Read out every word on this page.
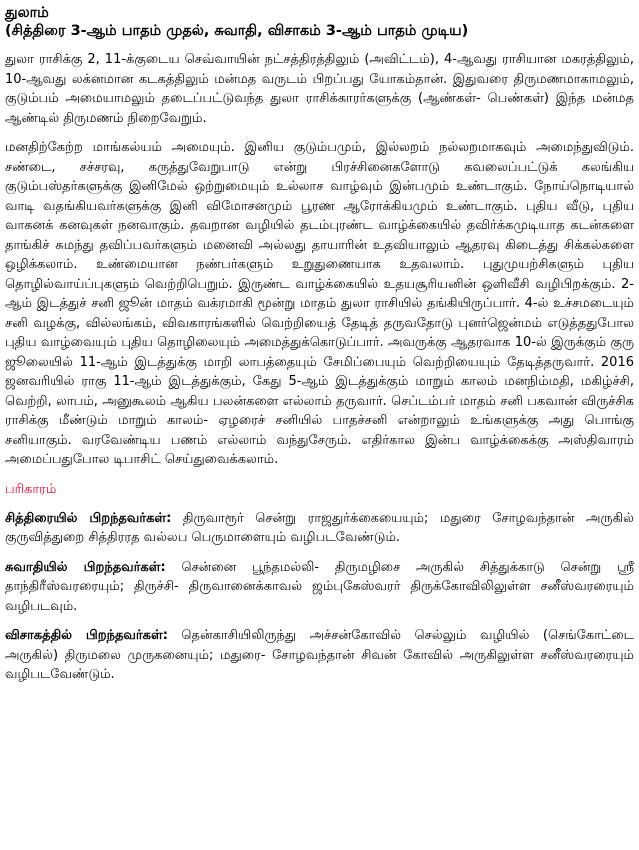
துலாம்
(சித்திரை 3-ஆம் பாதம் முதல், சுவாதி, விசாகம் 3-ஆம் பாதம் முடிய)

துலா ராசிக்கு 2, 11-க்குடைய செவ்வாயின் நட்சத்திரத்திலும் (அவிட்டம்), 4-ஆவது ராசியான மகரத்திலும், 10-ஆவது லக்னமான கடகத்திலும் மன்மத வருடம் பிறப்பது யோகம்தான். இதுவரை திருமணமாகாமலும், குடும்பம் அமையாமலும் தடைப்பட்டுவந்த துலா ராசிக்காரர்களுக்கு (ஆண்கள்- பெண்கள்) இந்த மன்மத ஆண்டில் திருமணம் நிறைவேறும்.

மனதிற்கேற்ற மாங்கல்யம் அமையும். இனிய குடும்பமும், இல்லறம் நல்லறமாகவும் அமைந்துவிடும். சண்டை, சச்சரவு, கருத்துவேறுபாடு என்று பிரச்சினைகளோடு கவலைப்பட்டுக் கலங்கிய குடும்பஸ்தர்களுக்கு இனிமேல் ஒற்றுமையும் உல்லாச வாழ்வும் இன்பமும் உண்டாகும். நோய்நொடியால் வாடி வதங்கியவர்களுக்கு இனி விமோசனமும் பூரண ஆரோக்கியமும் உண்டாகும். புதிய வீடு, புதிய வாகனக் கனவுகள் நனவாகும். தவறான வழியில் தடம்புரண்ட வாழ்க்கையில் தவிர்க்கமுடியாத கடன்களை தாங்கிச் சுமந்து தவிப்பவர்களும் மனைவி அல்லது தாயாரின் உதவியாலும் ஆதரவு கிடைத்து சிக்கல்களை ஒழிக்கலாம். உண்மையான நண்பர்களும் உறுதுணையாக உதவலாம். புதுமுயற்சிகளும் புதிய தொழில்வாய்ப்புகளும் வெற்றிபெறும். இருண்ட வாழ்க்கையில் உதயசூரியனின் ஒளிவீசி வழிபிறக்கும். 2-ஆம் இடத்துச் சனி ஜூன் மாதம் வக்ரமாகி மூன்று மாதம் துலா ராசியில் தங்கியிருப்பார். 4-ல் உச்சமடையும் சனி வழக்கு, வில்லங்கம், விவகாரங்களில் வெற்றியைத் தேடித் தருவதோடு புனர்ஜென்மம் எடுத்ததுபோல புதிய வாழ்வையும் புதிய தொழிலையும் அமைத்துக்கொடுப்பார். அவருக்கு ஆதரவாக 10-ல் இருக்கும் குரு ஜூலையில் 11-ஆம் இடத்துக்கு மாறி லாபத்தையும் சேமிப்பையும் வெற்றியையும் தேடித்தருவார். 2016 ஜனவரியில் ராகு 11-ஆம் இடத்துக்கும், கேது 5-ஆம் இடத்துக்கும் மாறும் காலம் மனநிம்மதி, மகிழ்ச்சி, வெற்றி, லாபம், அனுகூலம் ஆகிய பலன்களை எல்லாம் தருவார். செப்டம்பர் மாதம் சனி பகவான் விருச்சிக ராசிக்கு மீண்டும் மாறும் காலம்- ஏழரைச் சனியில் பாதச்சனி என்றாலும் உங்களுக்கு அது பொங்கு சனியாகும். வரவேண்டிய பணம் எல்லாம் வந்துசேரும். எதிர்கால இன்ப வாழ்க்கைக்கு அஸ்திவாரம் அமைப்பதுபோல டிபாசிட் செய்துவைக்கலாம்.

பரிகாரம்

சித்திரையில் பிறந்தவர்கள்: திருவாரூர் சென்று ராஜதுர்க்கையையும்; மதுரை சோழவந்தான் அருகில் குருவித்துறை சித்திரரத வல்லப பெருமாளையும் வழிபடவேண்டும்.

சுவாதியில் பிறந்தவர்கள்: சென்னை பூந்தமல்லி- திருமழிசை அருகில் சித்துக்காடு சென்று ஸ்ரீ தாந்திரீஸ்வரரையும்; திருச்சி- திருவானைக்காவல் ஜம்புகேஸ்வரர் திருக்கோவிலிலுள்ள சனீஸ்வரரையும் வழிபடவும்.

விசாகத்தில் பிறந்தவர்கள்: தென்காசியிலிருந்து அச்சன்கோவில் செல்லும் வழியில் (செங்கோட்டை அருகில்) திருமலை முருகனையும்; மதுரை- சோழவந்தான் சிவன் கோவில் அருகிலுள்ள சனீஸ்வரரையும் வழிபடவேண்டும்.
